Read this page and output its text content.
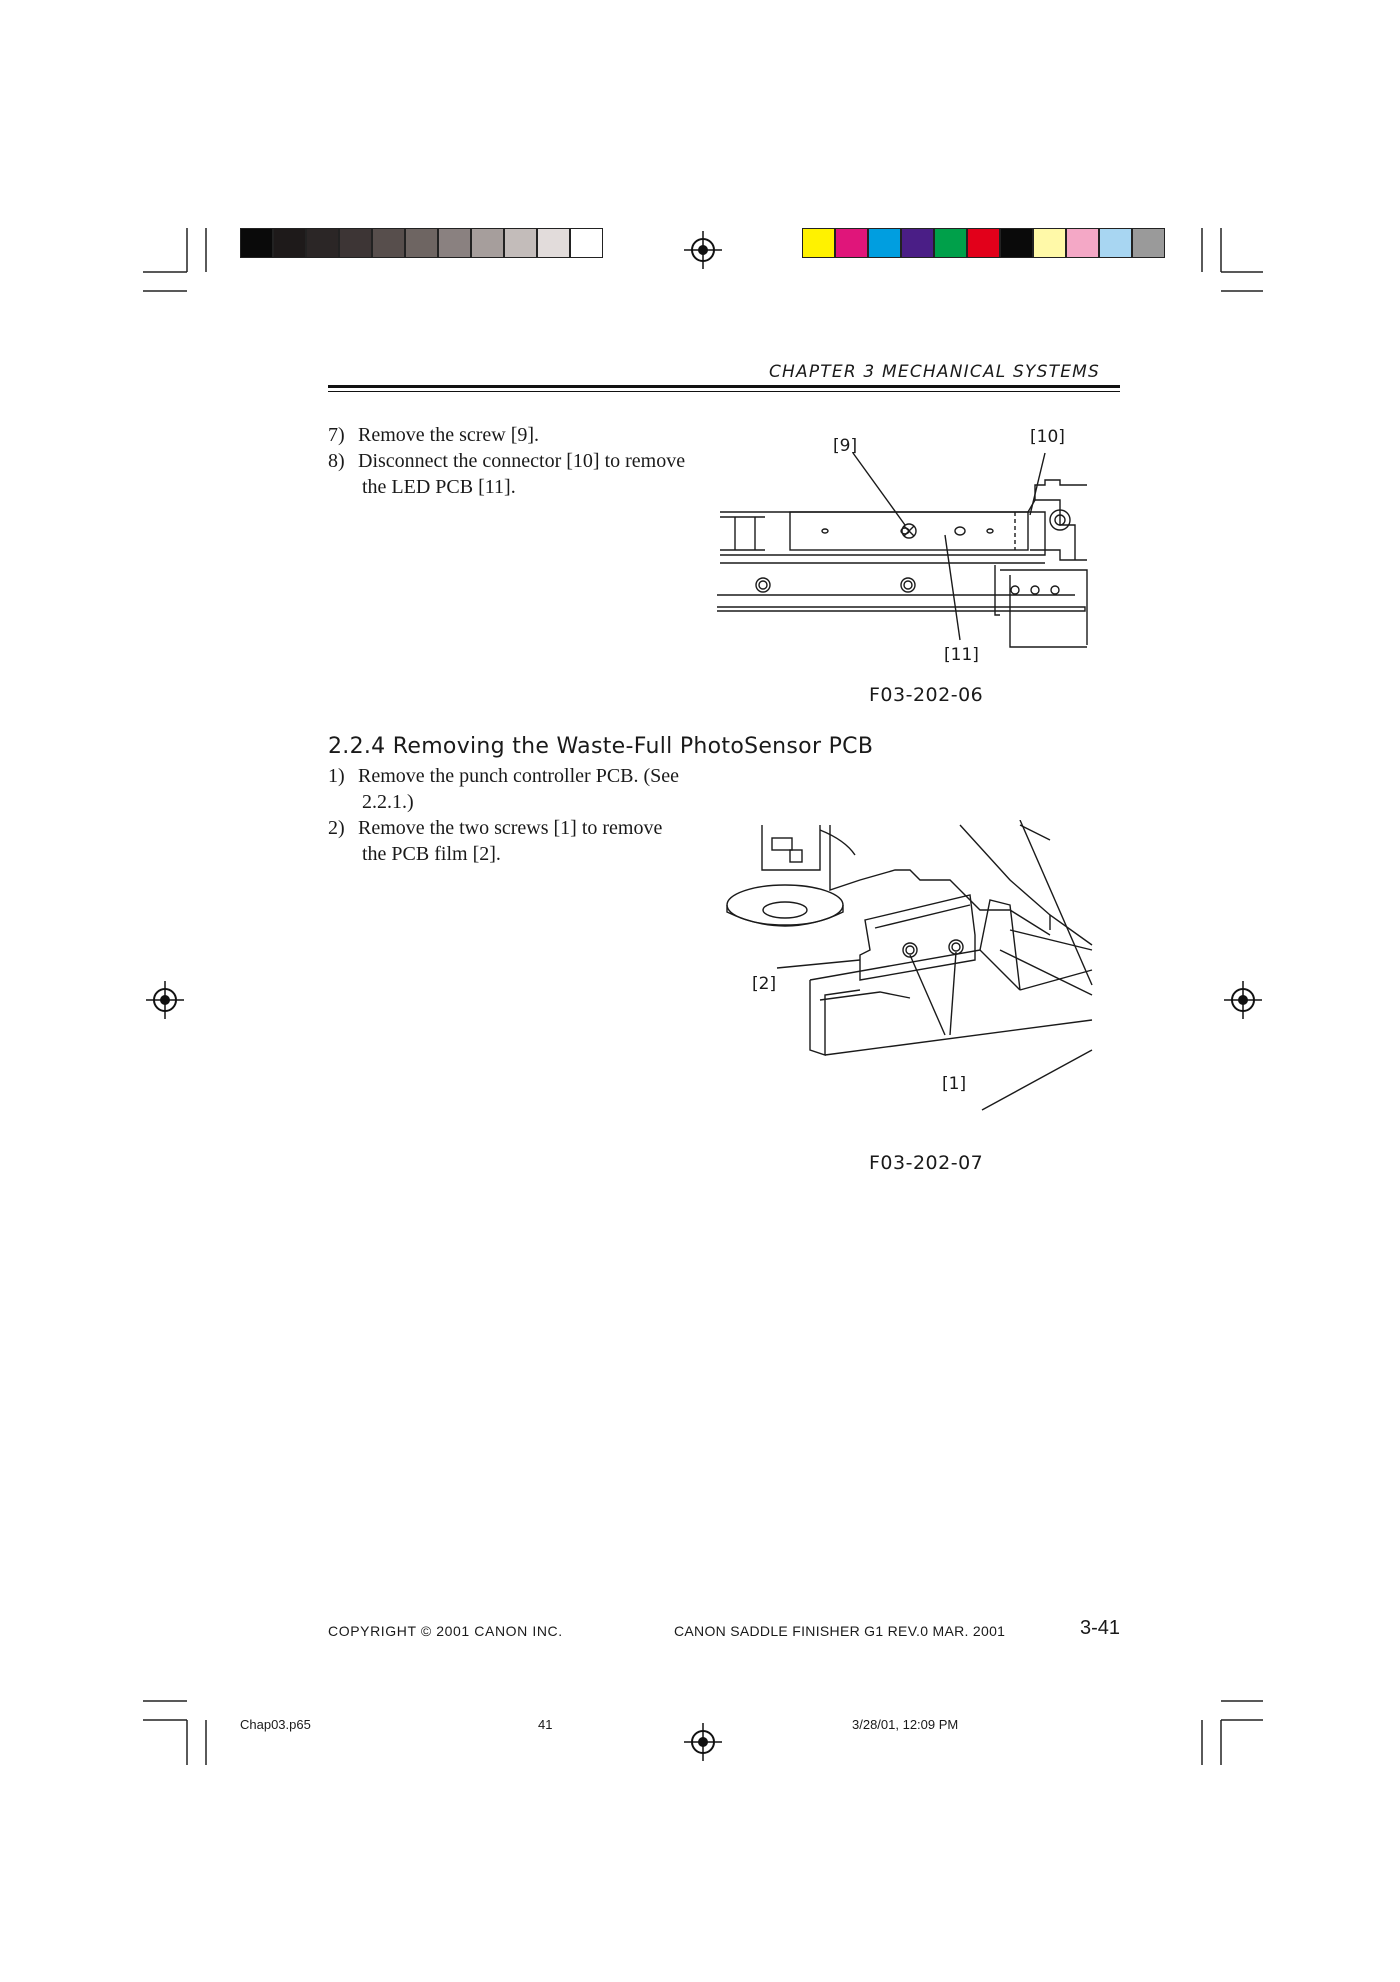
CHAPTER 3 MECHANICAL SYSTEMS
7) Remove the screw [9].
8) Disconnect the connector [10] to remove
the LED PCB [11].
[9]	[10]
[11]
F03-202-06
2.2.4 Removing the Waste-Full PhotoSensor PCB
1) Remove the punch controller PCB. (See
2.2.1.)
2) Remove the two screws [1] to remove
the PCB film [2].
[2]
[1]
F03-202-07
COPYRIGHT © 2001 CANON INC.	CANON SADDLE FINISHER G1 REV.0 MAR. 2001	3-41
Chap03.p65	41	3/28/01, 12:09 PM
